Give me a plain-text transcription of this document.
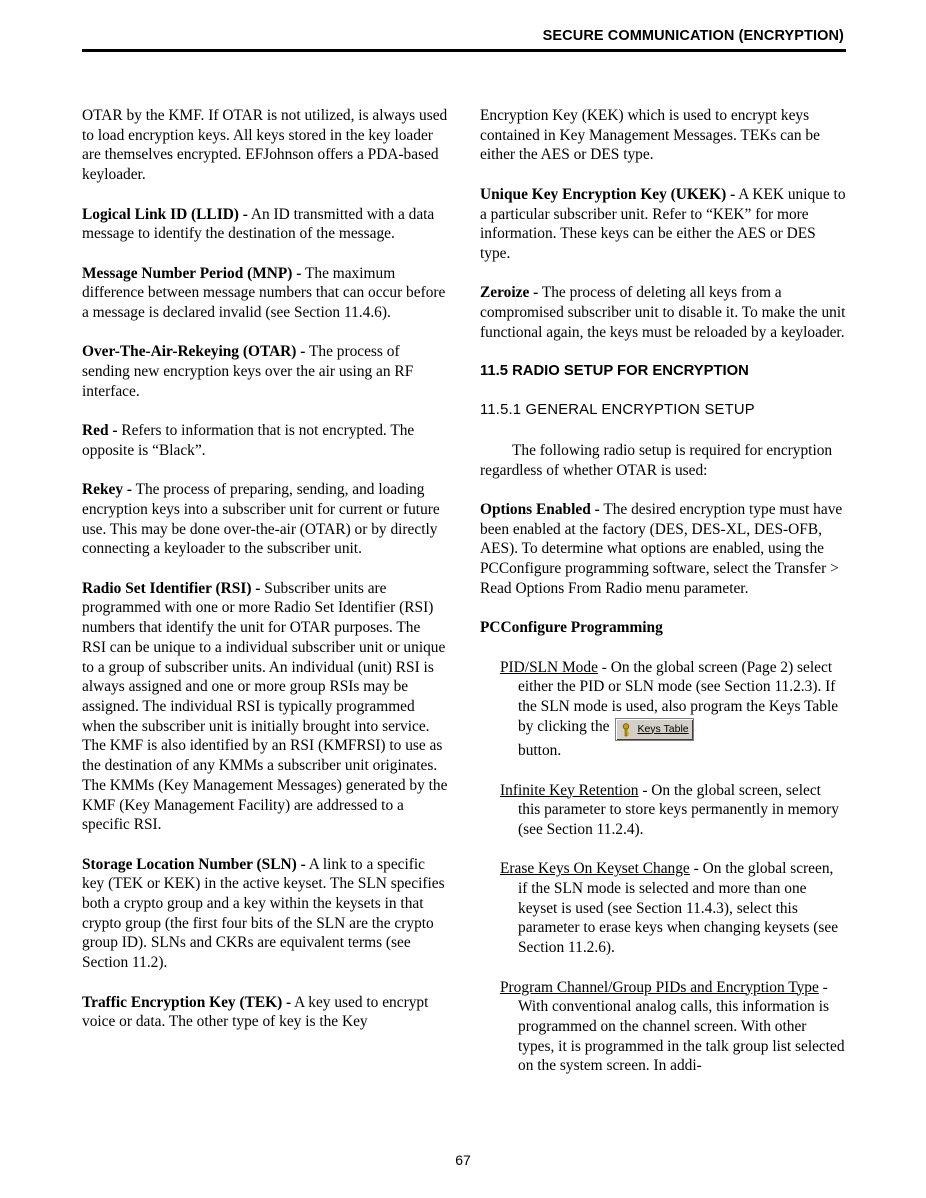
SECURE COMMUNICATION (ENCRYPTION)

OTAR by the KMF. If OTAR is not utilized, is always used to load encryption keys. All keys stored in the key loader are themselves encrypted. EFJohnson offers a PDA-based keyloader.

Logical Link ID (LLID) - An ID transmitted with a data message to identify the destination of the message.

Message Number Period (MNP) - The maximum difference between message numbers that can occur before a message is declared invalid (see Section 11.4.6).

Over-The-Air-Rekeying (OTAR) - The process of sending new encryption keys over the air using an RF interface.

Red - Refers to information that is not encrypted. The opposite is “Black”.

Rekey - The process of preparing, sending, and loading encryption keys into a subscriber unit for current or future use. This may be done over-the-air (OTAR) or by directly connecting a keyloader to the subscriber unit.

Radio Set Identifier (RSI) - Subscriber units are programmed with one or more Radio Set Identifier (RSI) numbers that identify the unit for OTAR purposes. The RSI can be unique to a individual subscriber unit or unique to a group of subscriber units. An individual (unit) RSI is always assigned and one or more group RSIs may be assigned. The individual RSI is typically programmed when the subscriber unit is initially brought into service. The KMF is also identified by an RSI (KMFRSI) to use as the destination of any KMMs a subscriber unit originates. The KMMs (Key Management Messages) generated by the KMF (Key Management Facility) are addressed to a specific RSI.

Storage Location Number (SLN) - A link to a specific key (TEK or KEK) in the active keyset. The SLN specifies both a crypto group and a key within the keysets in that crypto group (the first four bits of the SLN are the crypto group ID). SLNs and CKRs are equivalent terms (see Section 11.2).

Traffic Encryption Key (TEK) - A key used to encrypt voice or data. The other type of key is the Key

Encryption Key (KEK) which is used to encrypt keys contained in Key Management Messages. TEKs can be either the AES or DES type.

Unique Key Encryption Key (UKEK) - A KEK unique to a particular subscriber unit. Refer to “KEK” for more information. These keys can be either the AES or DES type.

Zeroize - The process of deleting all keys from a compromised subscriber unit to disable it. To make the unit functional again, the keys must be reloaded by a keyloader.

11.5 RADIO SETUP FOR ENCRYPTION
11.5.1 GENERAL ENCRYPTION SETUP

The following radio setup is required for encryption regardless of whether OTAR is used:

Options Enabled - The desired encryption type must have been enabled at the factory (DES, DES-XL, DES-OFB, AES). To determine what options are enabled, using the PCConfigure programming software, select the Transfer > Read Options From Radio menu parameter.

PCConfigure Programming

PID/SLN Mode - On the global screen (Page 2) select either the PID or SLN mode (see Section 11.2.3). If the SLN mode is used, also program the Keys Table by clicking the	Keys Table

button.

Infinite Key Retention - On the global screen, select this parameter to store keys permanently in memory (see Section 11.2.4).

Erase Keys On Keyset Change - On the global screen, if the SLN mode is selected and more than one keyset is used (see Section 11.4.3), select this parameter to erase keys when changing keysets (see Section 11.2.6).

Program Channel/Group PIDs and Encryption Type - With conventional analog calls, this information is programmed on the channel screen. With other types, it is programmed in the talk group list selected on the system screen. In addi-

67
